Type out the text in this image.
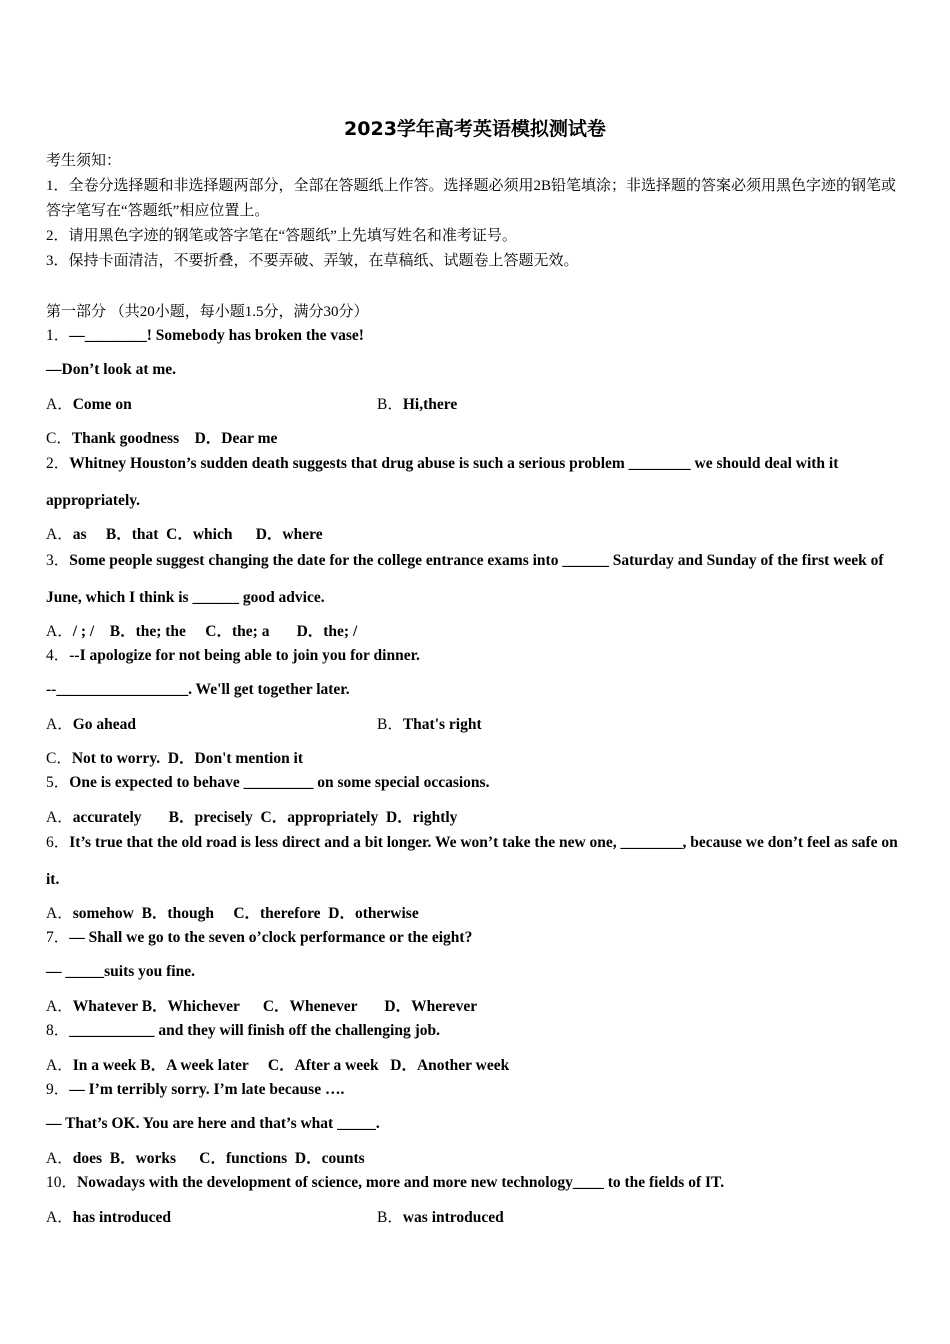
2023学年高考英语模拟测试卷
考生须知：
1．全卷分选择题和非选择题两部分，全部在答题纸上作答。选择题必须用2B铅笔填涂；非选择题的答案必须用黑色字迹的钢笔或答字笔写在“答题纸”相应位置上。
2．请用黑色字迹的钢笔或答字笔在“答题纸”上先填写姓名和准考证号。
3．保持卡面清洁，不要折叠，不要弄破、弄皱，在草稿纸、试题卷上答题无效。
第一部分 （共20小题，每小题1.5分，满分30分）
1．—________! Somebody has broken the vase!
—Don’t look at me.
A．Come on	B．Hi,there
C．Thank goodness    D．Dear me
2．Whitney Houston’s sudden death suggests that drug abuse is such a serious problem ________ we should deal with it appropriately.
A．as     B．that  C．which      D．where
3．Some people suggest changing the date for the college entrance exams into ______ Saturday and Sunday of the first week of June, which I think is ______ good advice.
A．/ ; /    B．the; the     C．the; a       D．the; /
4．--I apologize for not being able to join you for dinner.
--_________________. We'll get together later.
A．Go ahead	B．That's right
C．Not to worry.  D．Don't mention it
5．One is expected to behave _________ on some special occasions.
A．accurately       B．precisely  C．appropriately  D．rightly
6．It’s true that the old road is less direct and a bit longer. We won’t take the new one, ________, because we don’t feel as safe on it.
A．somehow  B．though     C．therefore  D．otherwise
7．— Shall we go to the seven o’clock performance or the eight?
— _____suits you fine.
A．Whatever B．Whichever      C．Whenever       D．Wherever
8．___________ and they will finish off the challenging job.
A．In a week B．A week later     C．After a week   D．Another week
9．— I’m terribly sorry. I’m late because ….
— That’s OK. You are here and that’s what _____.
A．does  B．works      C．functions  D．counts
10．Nowadays with the development of science, more and more new technology____ to the fields of IT.
A．has introduced	B．was introduced
